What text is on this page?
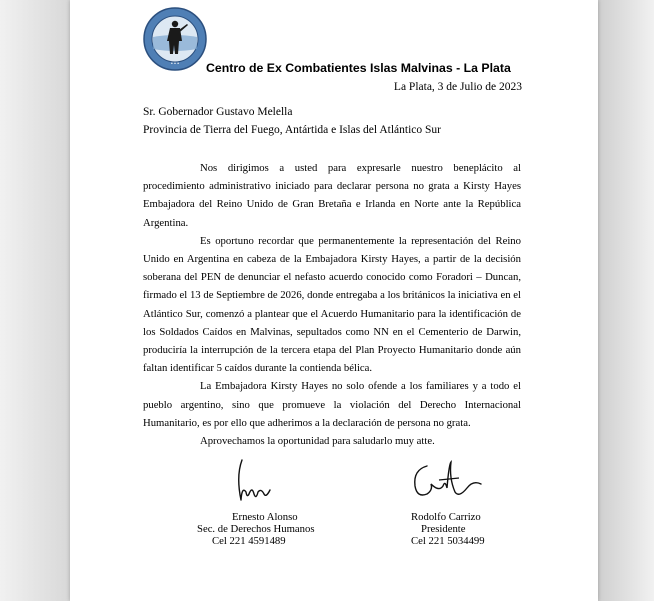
• • • Centro de Ex Combatientes Islas Malvinas - La Plata
La Plata, 3 de Julio de 2023
Sr. Gobernador Gustavo Melella
Provincia de Tierra del Fuego, Antártida e Islas del Atlántico Sur

Nos dirigimos a usted para expresarle nuestro beneplácito al procedimiento administrativo iniciado para declarar persona no grata a Kirsty Hayes Embajadora del Reino Unido de Gran Bretaña e Irlanda en Norte ante la República Argentina.

Es oportuno recordar que permanentemente la representación del Reino Unido en Argentina en cabeza de la Embajadora Kirsty Hayes, a partir de la decisión soberana del PEN de denunciar el nefasto acuerdo conocido como Foradori – Duncan, firmado el 13 de Septiembre de 2026, donde entregaba a los británicos la iniciativa en el Atlántico Sur, comenzó a plantear que el Acuerdo Humanitario para la identificación de los Soldados Caídos en Malvinas, sepultados como NN en el Cementerio de Darwin, produciría la interrupción de la tercera etapa del Plan Proyecto Humanitario donde aún faltan identificar 5 caídos durante la contienda bélica.

La Embajadora Kirsty Hayes no solo ofende a los familiares y a todo el pueblo argentino, sino que promueve la violación del Derecho Internacional Humanitario, es por ello que adherimos a la declaración de persona no grata.

Aprovechamos la oportunidad para saludarlo muy atte.

Ernesto Alonso
Sec. de Derechos Humanos
Cel 221 4591489
Rodolfo Carrizo
Presidente
Cel 221 5034499
